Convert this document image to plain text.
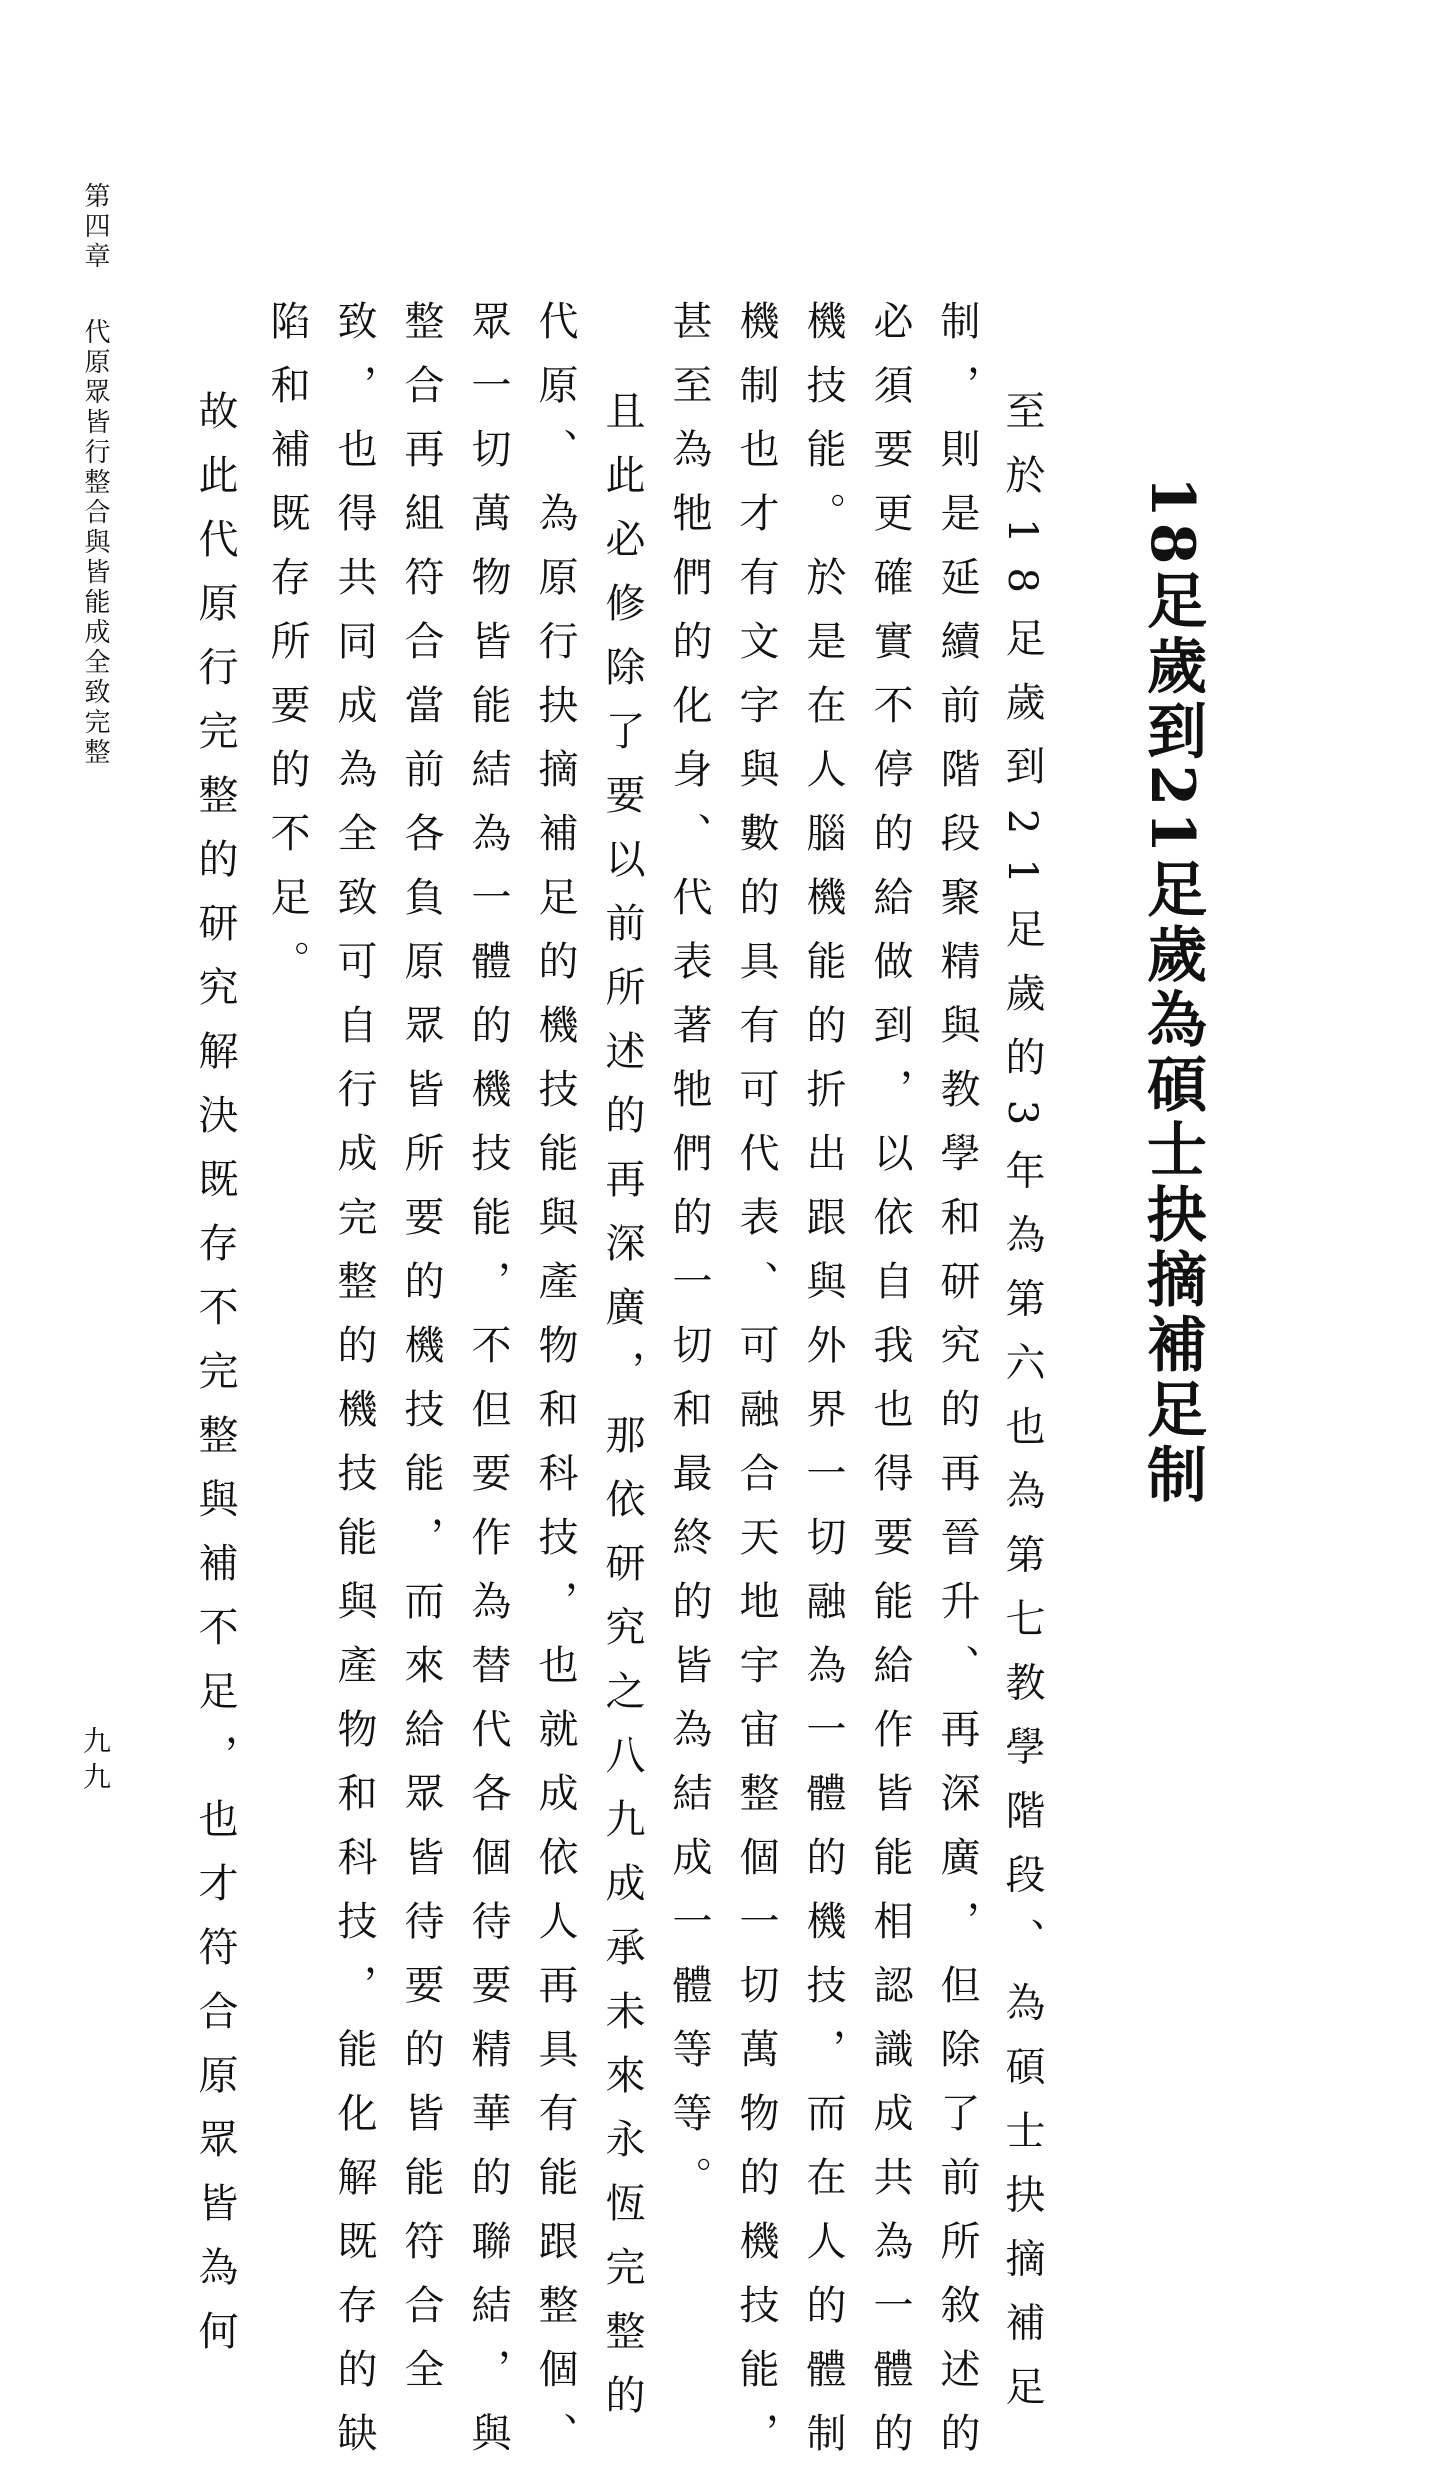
第四章
代原眾皆行整合與皆能成全致完整
九九
18足歲到21足歲為碩士抉摘補足制

至於18足歲到21足歲的3年為第六也為第七教學階段、為碩士抉摘補足

制，則是延續前階段聚精與教學和研究的再晉升、再深廣，但除了前所敘述的

必須要更確實不停的給做到，以依自我也得要能給作皆能相認識成共為一體的

機技能。於是在人腦機能的折出跟與外界一切融為一體的機技，而在人的體制

機制也才有文字與數的具有可代表、可融合天地宇宙整個一切萬物的機技能，

甚至為牠們的化身、代表著牠們的一切和最終的皆為結成一體等等。

且此必修除了要以前所述的再深廣，那依研究之八九成承未來永恆完整的

代原、為原行抉摘補足的機技能與產物和科技，也就成依人再具有能跟整個、

眾一切萬物皆能結為一體的機技能，不但要作為替代各個待要精華的聯結，與

整合再組符合當前各負原眾皆所要的機技能，而來給眾皆待要的皆能符合全

致，也得共同成為全致可自行成完整的機技能與產物和科技，能化解既存的缺

陷和補既存所要的不足。

故此代原行完整的研究解決既存不完整與補不足，也才符合原眾皆為何
